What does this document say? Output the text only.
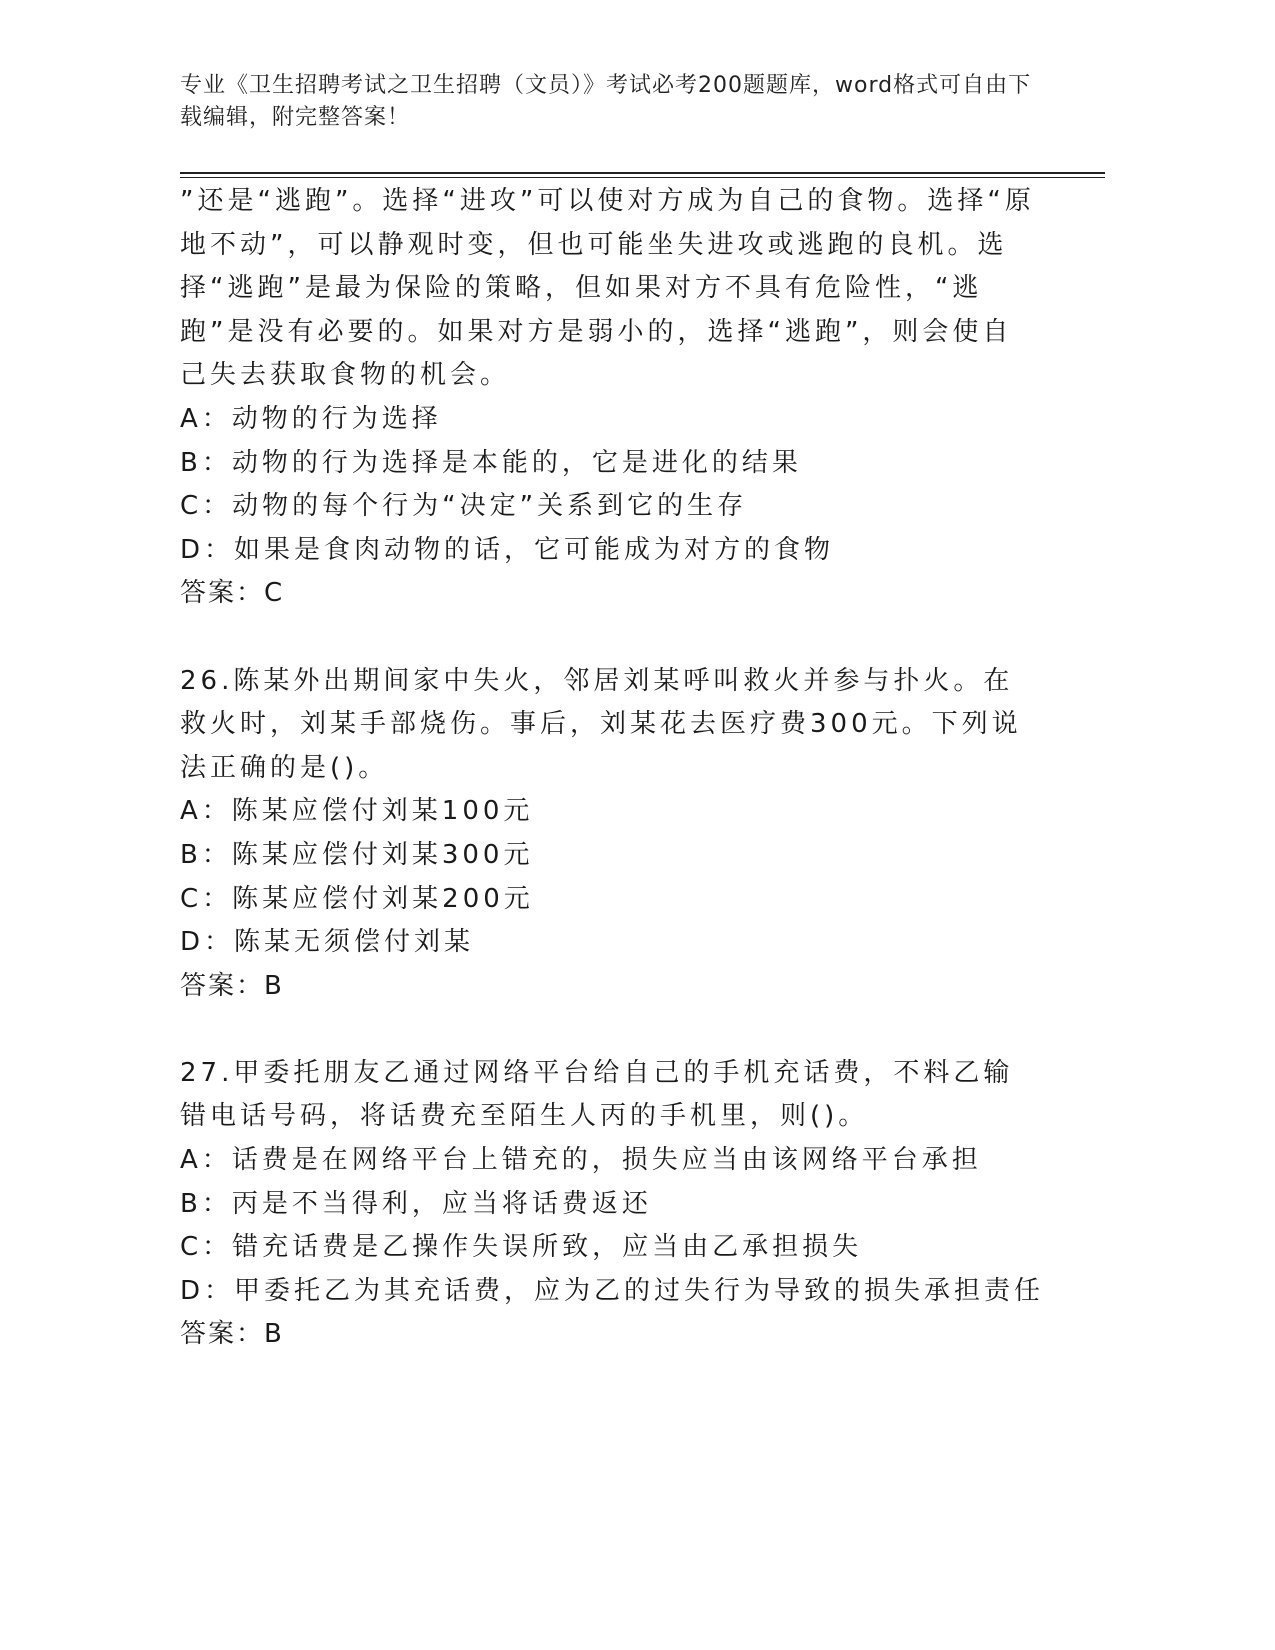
专业《卫生招聘考试之卫生招聘（文员）》考试必考200题题库，word格式可自由下载编辑，附完整答案！

”还是“逃跑”。选择“进攻”可以使对方成为自己的食物。选择“原地不动”，可以静观时变，但也可能坐失进攻或逃跑的良机。选择“逃跑”是最为保险的策略，但如果对方不具有危险性，“逃跑”是没有必要的。如果对方是弱小的，选择“逃跑”，则会使自己失去获取食物的机会。

A：动物的行为选择

B：动物的行为选择是本能的，它是进化的结果

C：动物的每个行为“决定”关系到它的生存

D：如果是食肉动物的话，它可能成为对方的食物

答案：C

26.陈某外出期间家中失火，邻居刘某呼叫救火并参与扑火。在救火时，刘某手部烧伤。事后，刘某花去医疗费300元。下列说法正确的是()。

A：陈某应偿付刘某100元

B：陈某应偿付刘某300元

C：陈某应偿付刘某200元

D：陈某无须偿付刘某

答案：B

27.甲委托朋友乙通过网络平台给自己的手机充话费，不料乙输错电话号码，将话费充至陌生人丙的手机里，则()。

A：话费是在网络平台上错充的，损失应当由该网络平台承担

B：丙是不当得利，应当将话费返还

C：错充话费是乙操作失误所致，应当由乙承担损失

D：甲委托乙为其充话费，应为乙的过失行为导致的损失承担责任

答案：B
